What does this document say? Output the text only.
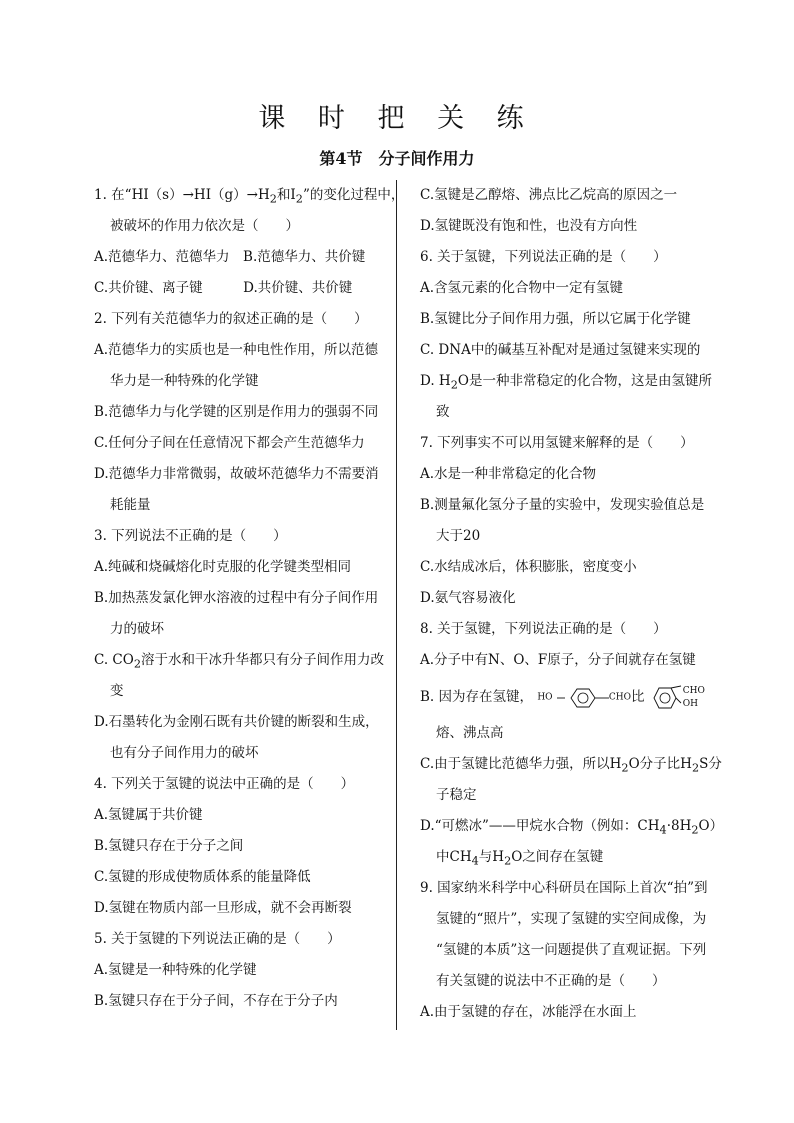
课 时 把 关 练
第4节　分子间作用力
1. 在“$HI(s)\to HI(g)\to H_2$和$I_2$”的变化过程中，
被破坏的作用力依次是（　　）
A.范德华力、范德华力　B.范德华力、共价键
C.共价键、离子键　　　D.共价键、共价键
2. 下列有关范德华力的叙述正确的是（　　）
A.范德华力的实质也是一种电性作用，所以范德
华力是一种特殊的化学键
B.范德华力与化学键的区别是作用力的强弱不同
C.任何分子间在任意情况下都会产生范德华力
D.范德华力非常微弱，故破坏范德华力不需要消
耗能量
3. 下列说法不正确的是（　　）
A.纯碱和烧碱熔化时克服的化学键类型相同
B.加热蒸发氯化钾水溶液的过程中有分子间作用
力的破坏
C. $CO_2$溶于水和干冰升华都只有分子间作用力改
变
D.石墨转化为金刚石既有共价键的断裂和生成，
也有分子间作用力的破坏
4. 下列关于氢键的说法中正确的是（　　）
A.氢键属于共价键
B.氢键只存在于分子之间
C.氢键的形成使物质体系的能量降低
D.氢键在物质内部一旦形成，就不会再断裂
5. 关于氢键的下列说法正确的是（　　）
A.氢键是一种特殊的化学键
B.氢键只存在于分子间，不存在于分子内
C.氢键是乙醇熔、沸点比乙烷高的原因之一
D.氢键既没有饱和性，也没有方向性
6. 关于氢键，下列说法正确的是（　　）
A.含氢元素的化合物中一定有氢键
B.氢键比分子间作用力强，所以它属于化学键
C. DNA中的碱基互补配对是通过氢键来实现的
D. $H_2O$是一种非常稳定的化合物，这是由氢键所
致
7. 下列事实不可以用氢键来解释的是（　　）
A.水是一种非常稳定的化合物
B.测量氟化氢分子量的实验中，发现实验值总是
大于20
C.水结成冰后，体积膨胀，密度变小
D.氨气容易液化
8. 关于氢键，下列说法正确的是（　　）
A.分子中有N、O、F原子，分子间就存在氢键
B. 因为存在氢键， HO	CHO比	CHO
OH
熔、沸点高
C.由于氢键比范德华力强，所以$H_2O$分子比$H_2S$分
子稳定
D.“可燃冰”——甲烷水合物（例如：$CH_4\cdot 8H_2O$）
中$CH_4$与$H_2O$之间存在氢键
9. 国家纳米科学中心科研员在国际上首次“拍”到
氢键的“照片”，实现了氢键的实空间成像，为
“氢键的本质”这一问题提供了直观证据。下列
有关氢键的说法中不正确的是（　　）
A.由于氢键的存在，冰能浮在水面上
